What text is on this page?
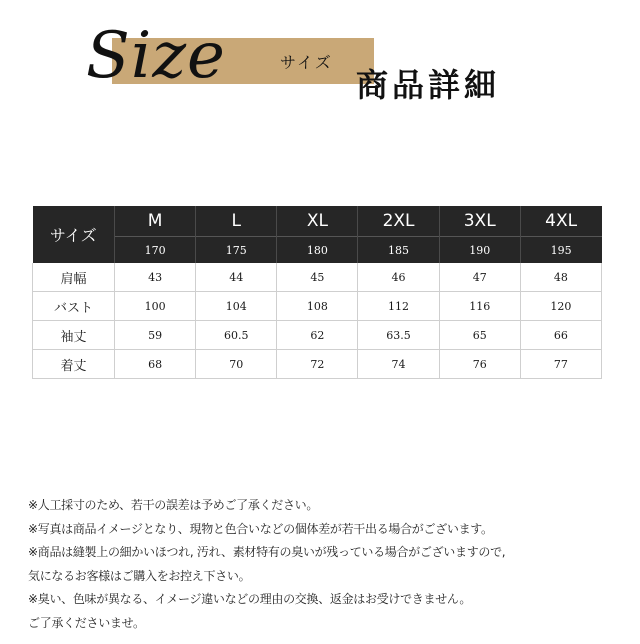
Size	サイズ
商品詳細
サイズ	M	L	XL	2XL	3XL	4XL
	170	175	180	185	190	195
肩幅	43	44	45	46	47	48
バスト	100	104	108	112	116	120
袖丈	59	60.5	62	63.5	65	66
着丈	68	70	72	74	76	77
※人工採寸のため、若干の誤差は予めご了承ください。
※写真は商品イメージとなり、現物と色合いなどの個体差が若干出る場合がございます。
※商品は縫製上の細かいほつれ, 汚れ、素材特有の臭いが残っている場合がございますので,
気になるお客様はご購入をお控え下さい。
※臭い、色味が異なる、イメージ違いなどの理由の交換、返金はお受けできません。
ご了承くださいませ。
